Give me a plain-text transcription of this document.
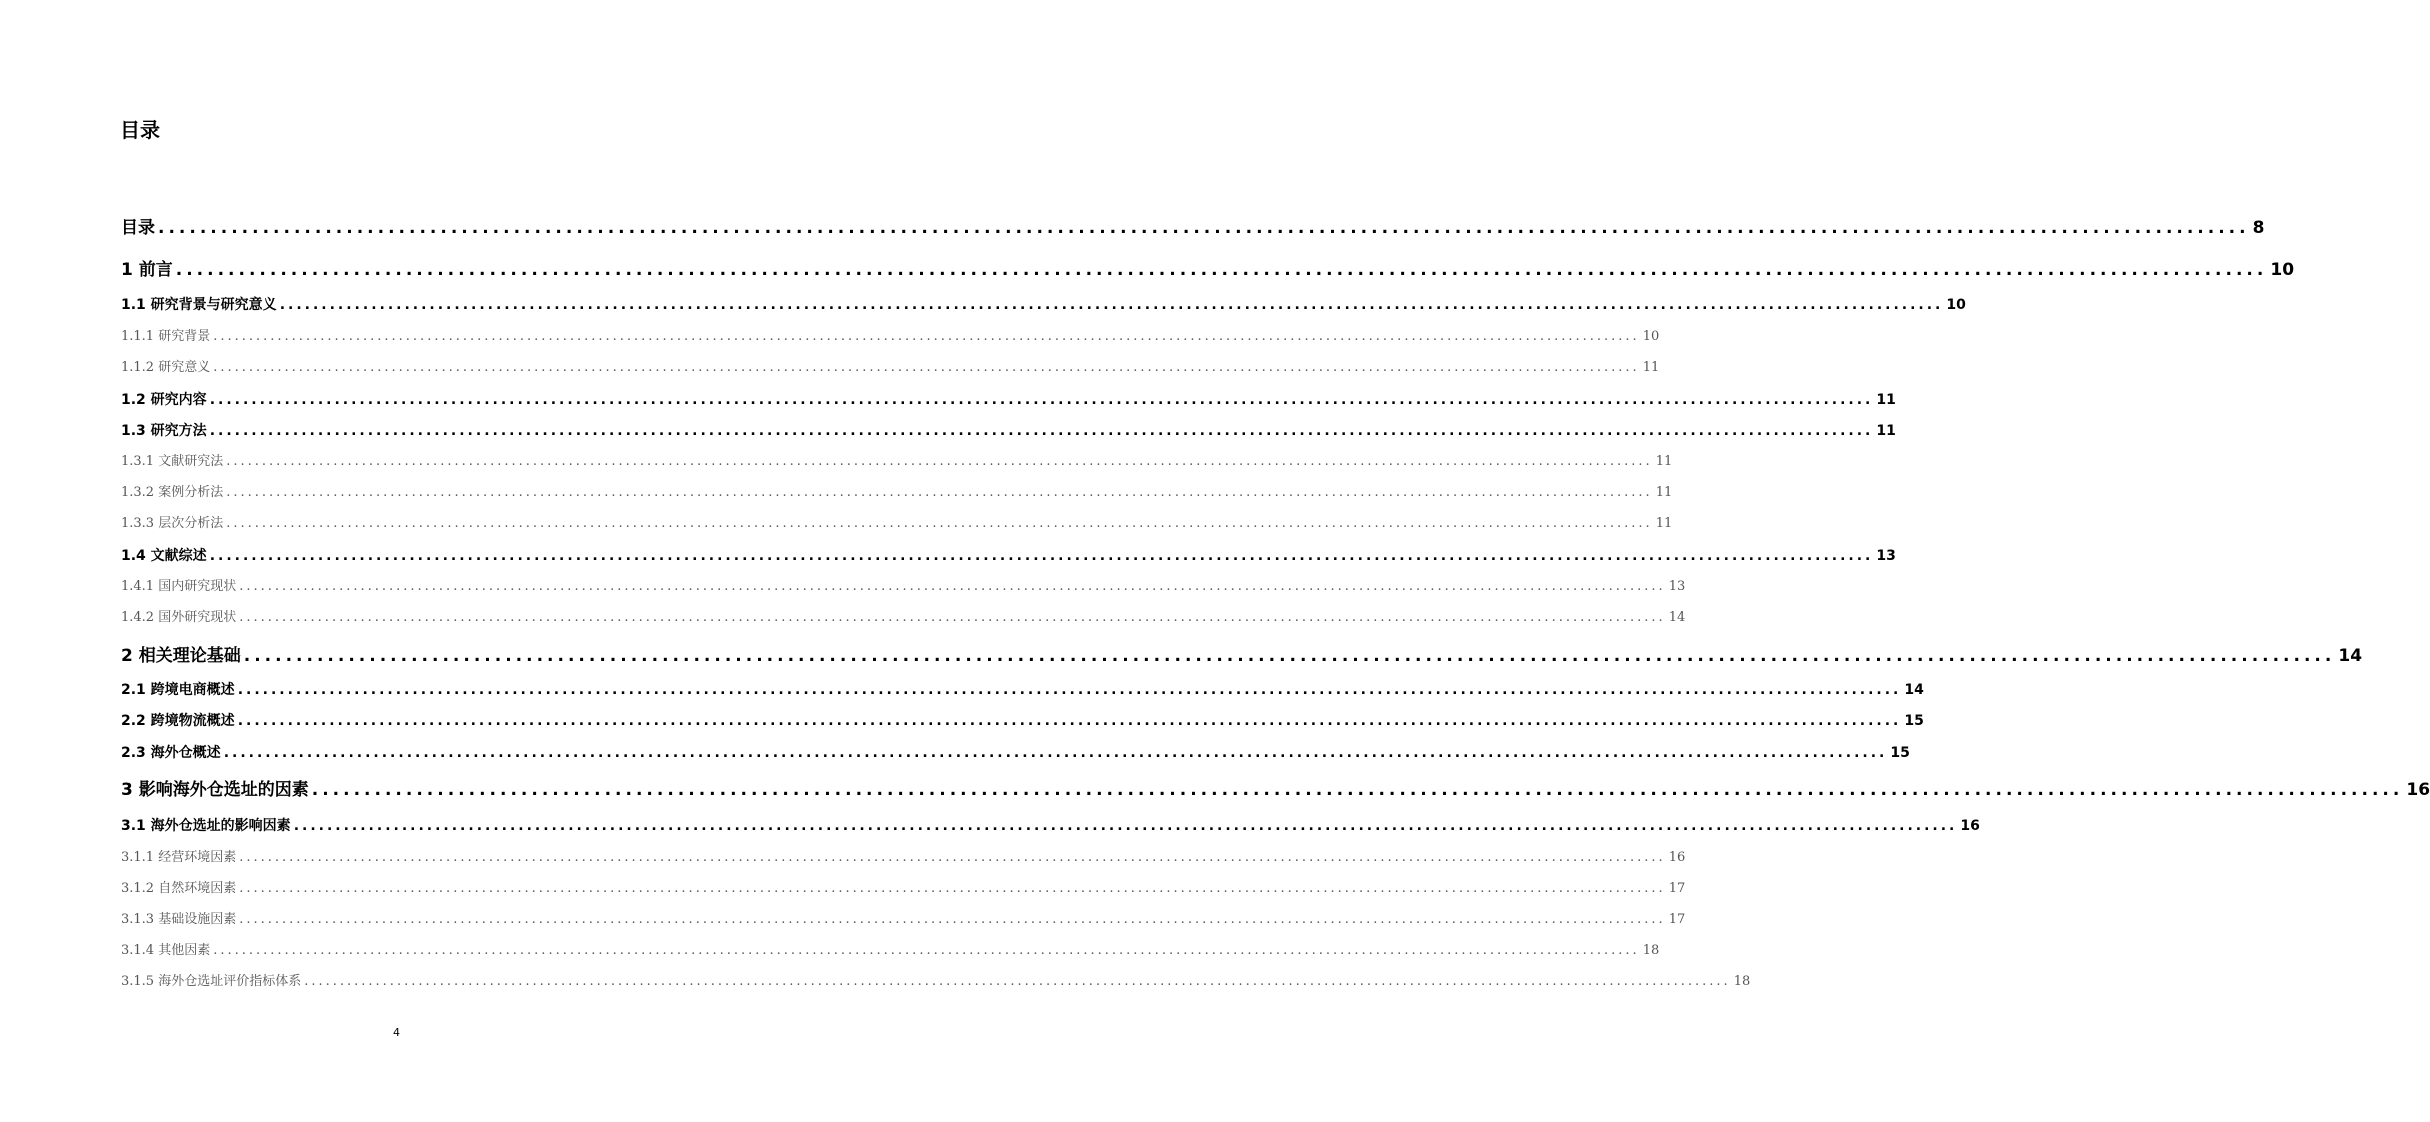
目录
目录 ........................................................................................................................................................................................................ 8
1 前言 ........................................................................................................................................................................................................ 10
1.1 研究背景与研究意义 ........................................................................................................................................................................................................ 10
1.1.1 研究背景 ........................................................................................................................................................................................................ 10
1.1.2 研究意义 ........................................................................................................................................................................................................ 11
1.2 研究内容 ........................................................................................................................................................................................................ 11
1.3 研究方法 ........................................................................................................................................................................................................ 11
1.3.1 文献研究法 ........................................................................................................................................................................................................ 11
1.3.2 案例分析法 ........................................................................................................................................................................................................ 11
1.3.3 层次分析法 ........................................................................................................................................................................................................ 11
1.4 文献综述 ........................................................................................................................................................................................................ 13
1.4.1 国内研究现状 ........................................................................................................................................................................................................ 13
1.4.2 国外研究现状 ........................................................................................................................................................................................................ 14
2 相关理论基础 ........................................................................................................................................................................................................ 14
2.1 跨境电商概述 ........................................................................................................................................................................................................ 14
2.2 跨境物流概述 ........................................................................................................................................................................................................ 15
2.3 海外仓概述 ........................................................................................................................................................................................................ 15
3 影响海外仓选址的因素 ........................................................................................................................................................................................................ 16
3.1 海外仓选址的影响因素 ........................................................................................................................................................................................................ 16
3.1.1 经营环境因素 ........................................................................................................................................................................................................ 16
3.1.2 自然环境因素 ........................................................................................................................................................................................................ 17
3.1.3 基础设施因素 ........................................................................................................................................................................................................ 17
3.1.4 其他因素 ........................................................................................................................................................................................................ 18
3.1.5 海外仓选址评价指标体系 ........................................................................................................................................................................................................ 18
4
